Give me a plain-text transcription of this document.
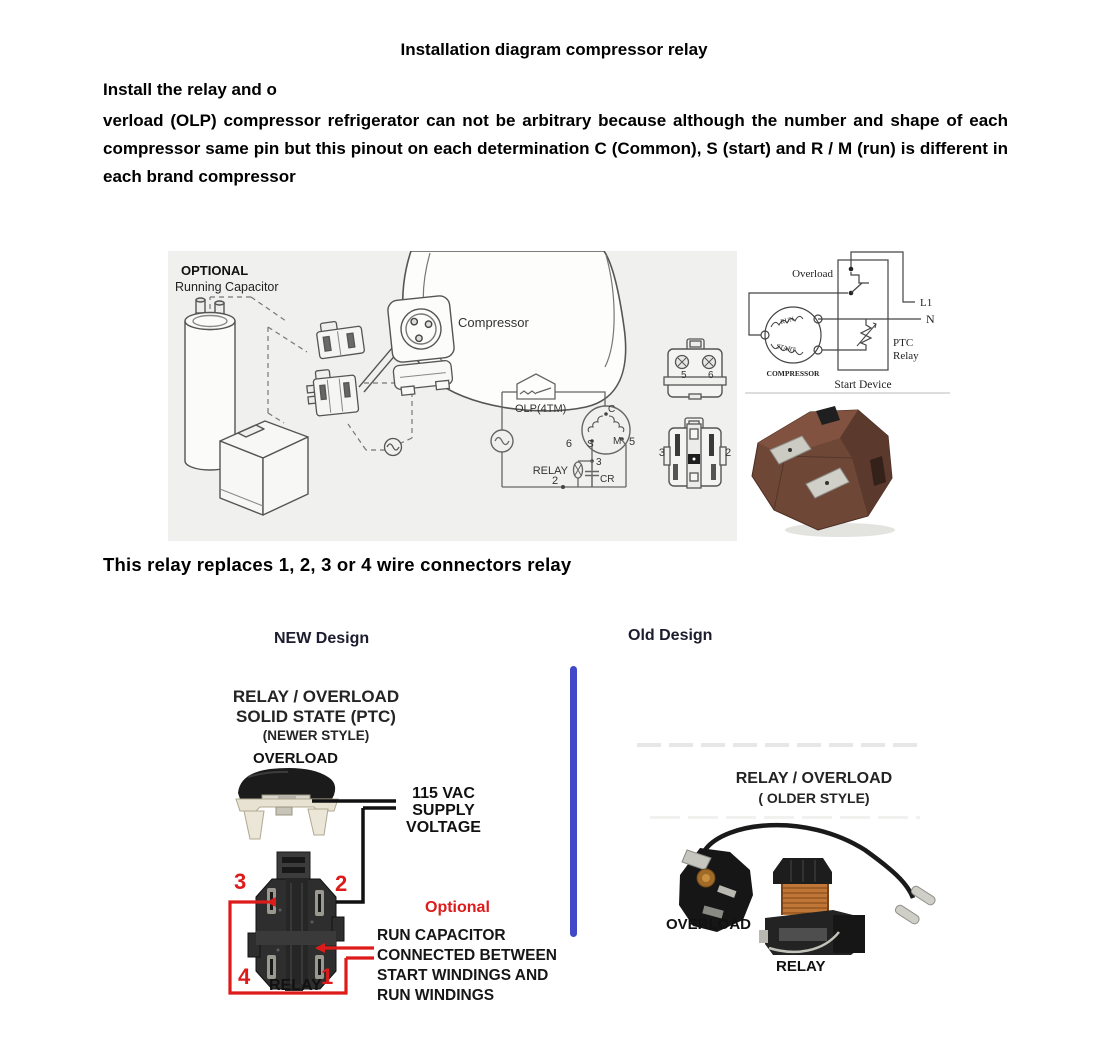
Installation diagram compressor relay
Install the relay and o
verload (OLP) compressor refrigerator can not be arbitrary because although the number and shape of each compressor same pin but this pinout on each determination C (Common), S (start) and R / M (run) is different in each brand compressor
OPTIONAL
Running Capacitor
Compressor
OLP(4TM)	C
S M
6	5
3
RELAY
CR
2
5 6
3	2
Overload
L1
N
PTC
Relay
RUN
START
COMPRESSOR
Start Device
This relay replaces 1, 2, 3 or 4 wire connectors relay
NEW Design	Old Design
RELAY / OVERLOAD
SOLID STATE (PTC)
(NEWER STYLE)
OVERLOAD
115 VAC
SUPPLY
VOLTAGE
3	2
4	1
RELAY
Optional
RUN CAPACITOR
CONNECTED BETWEEN
START WINDINGS AND
RUN WINDINGS
RELAY / OVERLOAD
( OLDER STYLE)
OVERLOAD
RELAY
